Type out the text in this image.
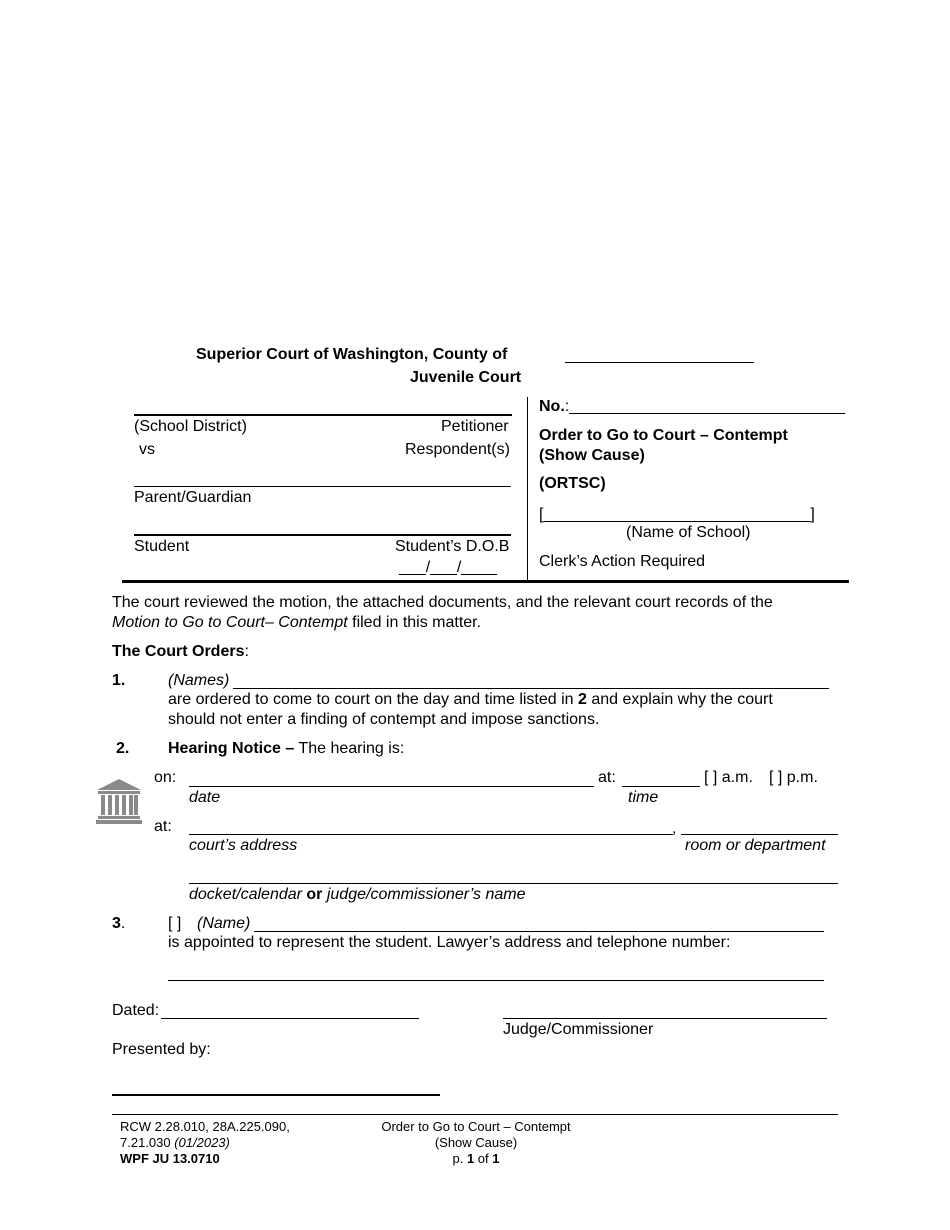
Superior Court of Washington, County of
Juvenile Court
(School District)	Petitioner
vs	Respondent(s)
Parent/Guardian
Student	Student’s D.O.B
___/___/____
No.:_______________________________
Order to Go to Court – Contempt
(Show Cause)
(ORTSC)
[______________________________]
(Name of School)
Clerk’s Action Required
The court reviewed the motion, the attached documents, and the relevant court records of the
Motion to Go to Court– Contempt filed in this matter.
The Court Orders:
1.	(Names)
are ordered to come to court on the day and time listed in 2 and explain why the court
should not enter a finding of contempt and impose sanctions.
2. Hearing Notice – The hearing is:
on:	at:	[ ] a.m. [ ] p.m.
date	time
at:	,
court’s address	room or department
docket/calendar or judge/commissioner’s name
3.	[ ] (Name)
is appointed to represent the student. Lawyer’s address and telephone number:
Dated:
Judge/Commissioner
Presented by:
RCW 2.28.010, 28A.225.090,
7.21.030 (01/2023)
WPF JU 13.0710
Order to Go to Court – Contempt
(Show Cause)
p. 1 of 1
